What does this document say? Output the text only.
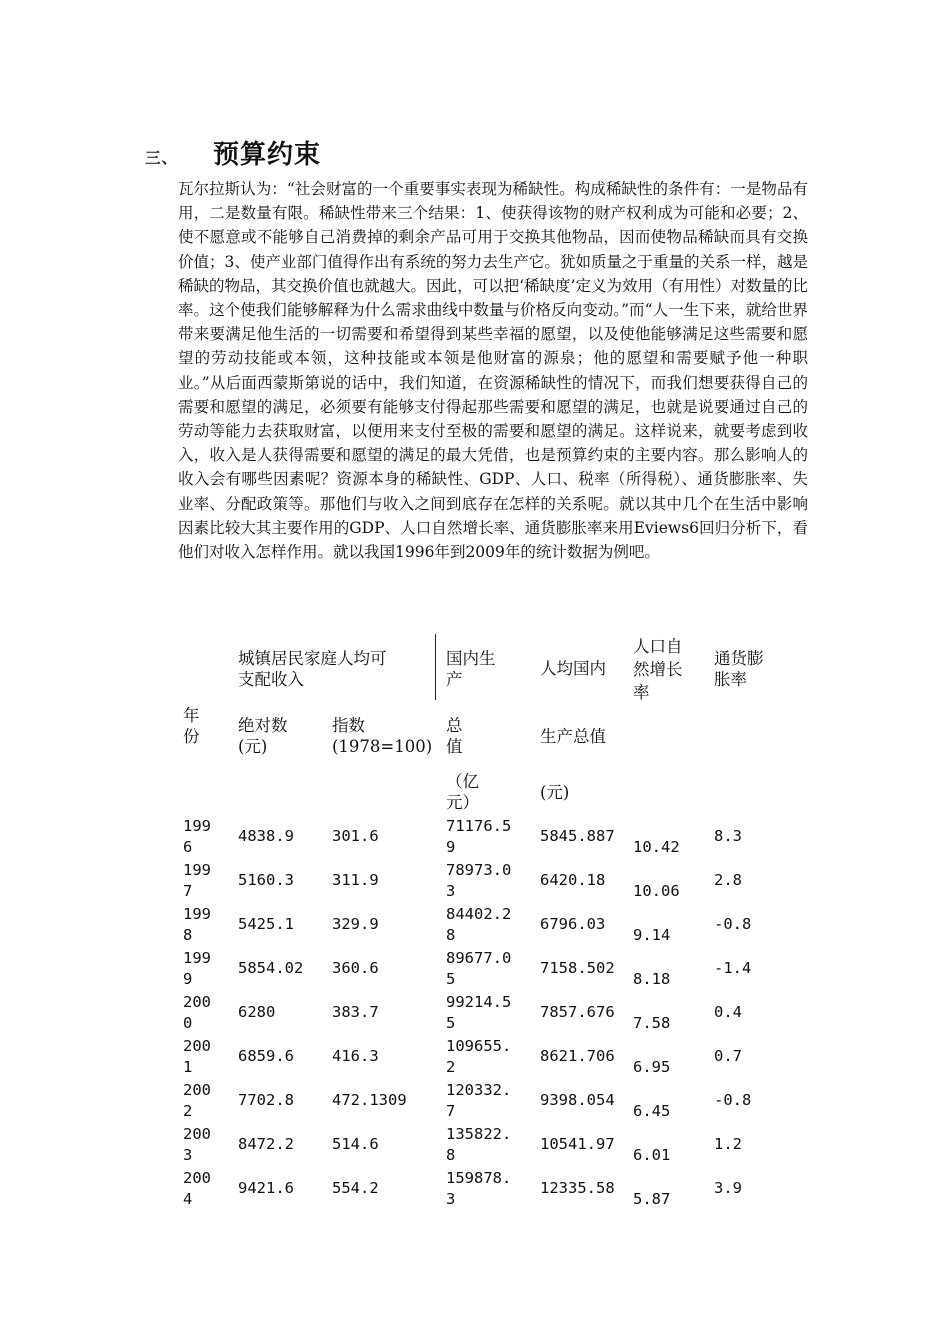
三、 预算约束
瓦尔拉斯认为：“社会财富的一个重要事实表现为稀缺性。构成稀缺性的条件有：一是物品有用，二是数量有限。稀缺性带来三个结果：1、使获得该物的财产权利成为可能和必要；2、使不愿意或不能够自己消费掉的剩余产品可用于交换其他物品，因而使物品稀缺而具有交换价值；3、使产业部门值得作出有系统的努力去生产它。犹如质量之于重量的关系一样，越是稀缺的物品，其交换价值也就越大。因此，可以把‘稀缺度’定义为效用（有用性）对数量的比率。这个使我们能够解释为什么需求曲线中数量与价格反向变动。”而“人一生下来，就给世界带来要满足他生活的一切需要和希望得到某些幸福的愿望，以及使他能够满足这些需要和愿望的劳动技能或本领，这种技能或本领是他财富的源泉；他的愿望和需要赋予他一种职业。”从后面西蒙斯第说的话中，我们知道，在资源稀缺性的情况下，而我们想要获得自己的需要和愿望的满足，必须要有能够支付得起那些需要和愿望的满足，也就是说要通过自己的劳动等能力去获取财富，以便用来支付至极的需要和愿望的满足。这样说来，就要考虑到收入，收入是人获得需要和愿望的满足的最大凭借，也是预算约束的主要内容。那么影响人的收入会有哪些因素呢？资源本身的稀缺性、GDP、人口、税率（所得税）、通货膨胀率、失业率、分配政策等。那他们与收入之间到底存在怎样的关系呢。就以其中几个在生活中影响因素比较大其主要作用的GDP、人口自然增长率、通货膨胀率来用Eviews6回归分析下，看他们对收入怎样作用。就以我国1996年到2009年的统计数据为例吧。
城镇居民家庭人均可
支配收入
国内生
产
总
值
（亿
元）
人均国内
生产总值
(元)
人口自
然增长
率
通货膨
胀率
年
份
绝对数
(元)
指数
(1978=100)
199
6
4838.9 301.6
71176.5
9
5845.887
10.42
8.3
199
7
5160.3 311.9
78973.0
3
6420.18
10.06
2.8
199
8
5425.1 329.9
84402.2
8
6796.03
9.14
-0.8
199
9
5854.02 360.6
89677.0
5
7158.502
8.18
-1.4
200
0
6280	383.7
99214.5
5
7857.676
7.58
0.4
200
1
6859.6 416.3
109655.
2
8621.706
6.95
0.7
200
2
7702.8 472.1309
120332.
7
9398.054
6.45
-0.8
200
3
8472.2 514.6
135822.
8
10541.97
6.01
1.2
200
4
9421.6 554.2
159878.
3
12335.58
5.87
3.9
